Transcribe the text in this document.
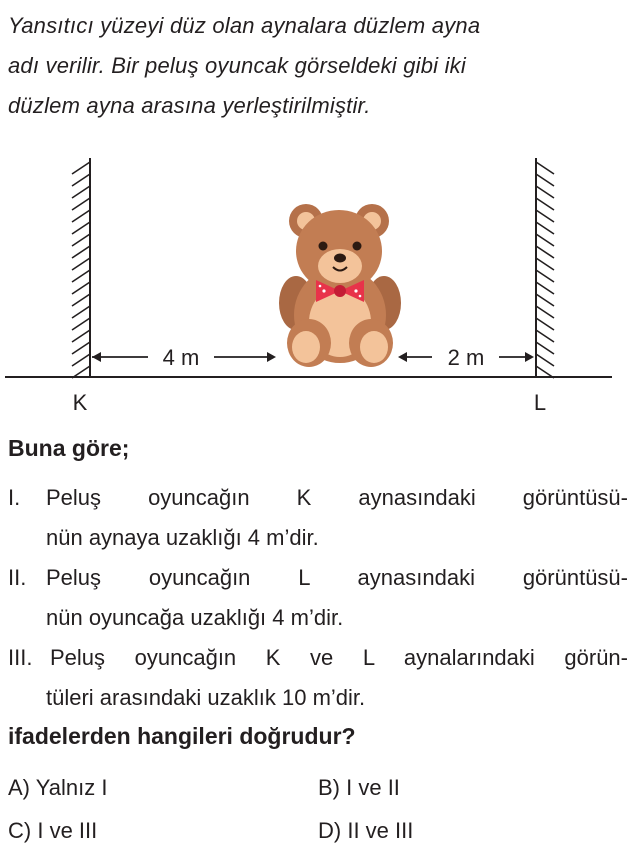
Yansıtıcı yüzeyi düz olan aynalara düzlem ayna
adı verilir. Bir peluş oyuncak görseldeki gibi iki
düzlem ayna arasına yerleştirilmiştir.
4 m	2 m
K	L
Buna göre;
I.	Peluş oyuncağın K aynasındaki görüntüsü-
nün aynaya uzaklığı 4 m’dir.
II. Peluş oyuncağın L aynasındaki görüntüsü-
nün oyuncağa uzaklığı 4 m’dir.
III. Peluş oyuncağın K ve L aynalarındaki görün-
tüleri arasındaki uzaklık 10 m’dir.
ifadelerden hangileri doğrudur?
A) Yalnız I	B) I ve II
C) I ve III	D) II ve III
